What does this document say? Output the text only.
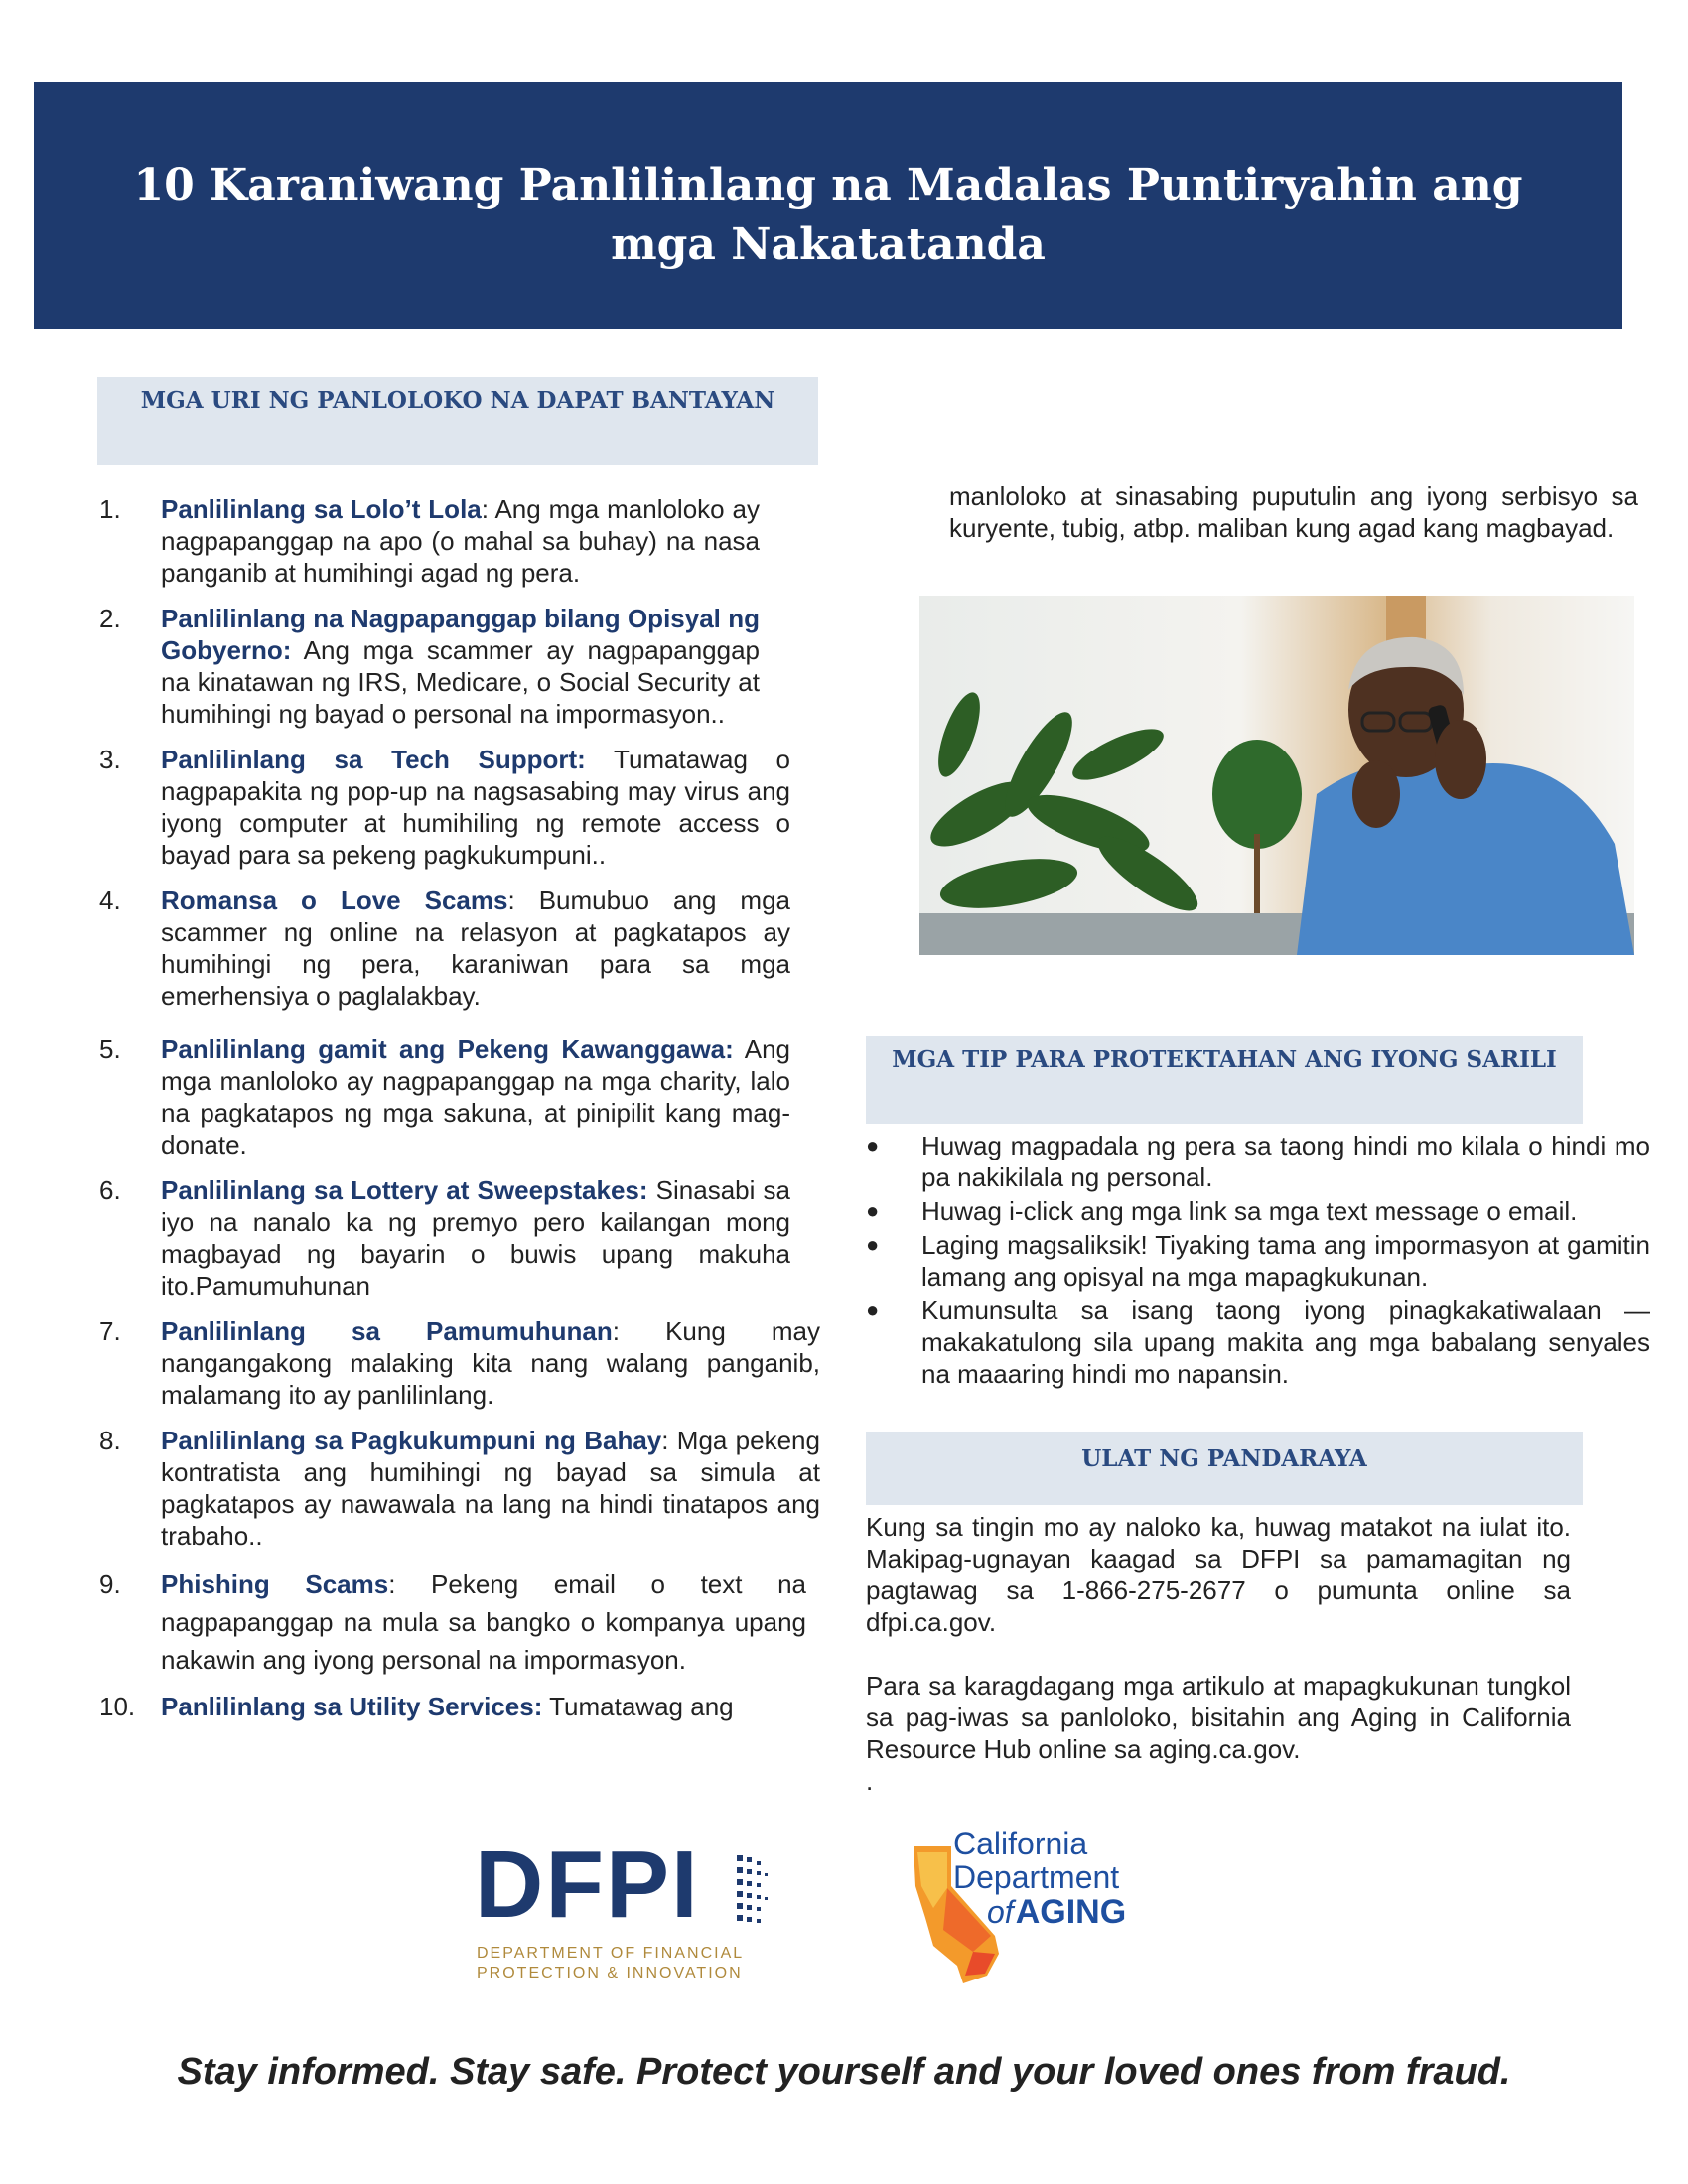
10 Karaniwang Panlilinlang na Madalas Puntiryahin ang mga Nakatatanda
MGA URI NG PANLOLOKO NA DAPAT BANTAYAN
1. Panlilinlang sa Lolo’t Lola: Ang mga manloloko ay nagpapanggap na apo (o mahal sa buhay) na nasa panganib at humihingi agad ng pera.
2. Panlilinlang na Nagpapanggap bilang Opisyal ng Gobyerno: Ang mga scammer ay nagpapanggap na kinatawan ng IRS, Medicare, o Social Security at humihingi ng bayad o personal na impormasyon..
3. Panlilinlang sa Tech Support: Tumatawag o nagpapakita ng pop-up na nagsasabing may virus ang iyong computer at humihiling ng remote access o bayad para sa pekeng pagkukumpuni..
4. Romansa o Love Scams: Bumubuo ang mga scammer ng online na relasyon at pagkatapos ay humihingi ng pera, karaniwan para sa mga emerhensiya o paglalakbay.
5. Panlilinlang gamit ang Pekeng Kawanggawa: Ang mga manloloko ay nagpapanggap na mga charity, lalo na pagkatapos ng mga sakuna, at pinipilit kang mag-donate.
6. Panlilinlang sa Lottery at Sweepstakes: Sinasabi sa iyo na nanalo ka ng premyo pero kailangan mong magbayad ng bayarin o buwis upang makuha ito.Pamumuhunan
7. Panlilinlang sa Pamumuhunan: Kung may nangangakong malaking kita nang walang panganib, malamang ito ay panlilinlang.
8. Panlilinlang sa Pagkukumpuni ng Bahay: Mga pekeng kontratista ang humihingi ng bayad sa simula at pagkatapos ay nawawala na lang na hindi tinatapos ang trabaho..
9. Phishing Scams: Pekeng email o text na nagpapanggap na mula sa bangko o kompanya upang nakawin ang iyong personal na impormasyon.
10. Panlilinlang sa Utility Services: Tumatawag ang
manloloko at sinasabing puputulin ang iyong serbisyo sa kuryente, tubig, atbp. maliban kung agad kang magbayad.
MGA TIP PARA PROTEKTAHAN ANG IYONG SARILI
● Huwag magpadala ng pera sa taong hindi mo kilala o hindi mo pa nakikilala ng personal.
● Huwag i-click ang mga link sa mga text message o email.
● Laging magsaliksik! Tiyaking tama ang impormasyon at gamitin lamang ang opisyal na mga mapagkukunan.
● Kumunsulta sa isang taong iyong pinagkakatiwalaan — makakatulong sila upang makita ang mga babalang senyales na maaaring hindi mo napansin.
ULAT NG PANDARAYA
Kung sa tingin mo ay naloko ka, huwag matakot na iulat ito. Makipag-ugnayan kaagad sa DFPI sa pamamagitan ng pagtawag sa 1-866-275-2677 o pumunta online sa dfpi.ca.gov.
Para sa karagdagang mga artikulo at mapagkukunan tungkol sa pag-iwas sa panloloko, bisitahin ang Aging in California Resource Hub online sa aging.ca.gov.
.
DFPI
DEPARTMENT OF FINANCIAL
PROTECTION & INNOVATION
California
Department
ofAGING
Stay informed. Stay safe. Protect yourself and your loved ones from fraud.
